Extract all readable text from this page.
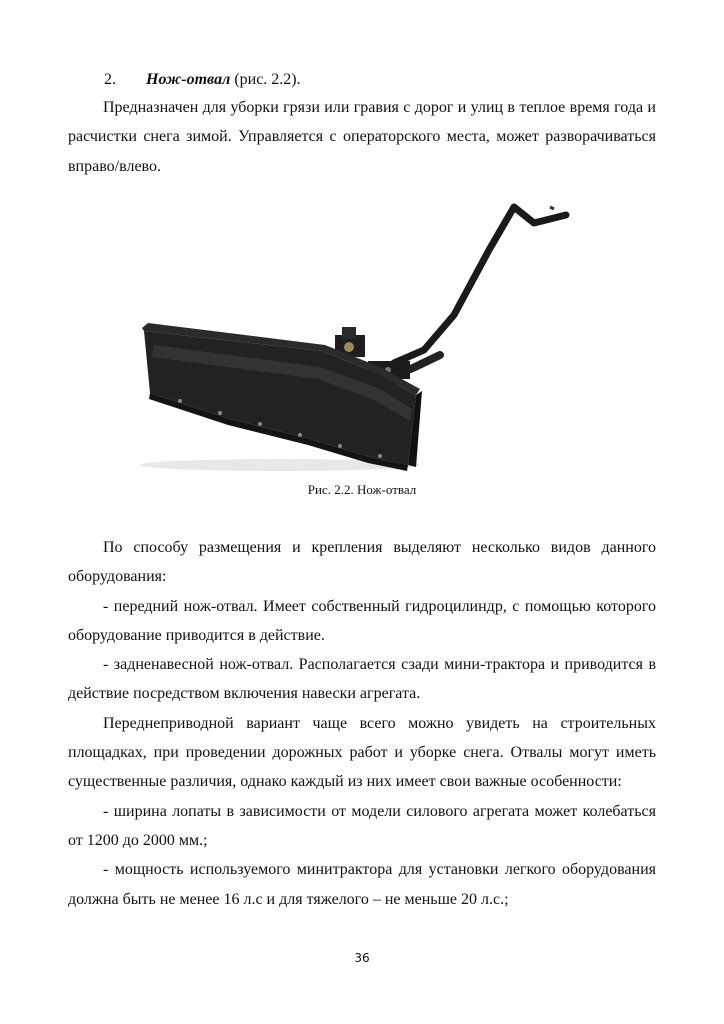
2. Нож-отвал (рис. 2.2).

Предназначен для уборки грязи или гравия с дорог и улиц в теплое время года и расчистки снега зимой. Управляется с операторского места, может разворачиваться вправо/влево.

Рис. 2.2. Нож-отвал

По способу размещения и крепления выделяют несколько видов данного оборудования:

- передний нож-отвал. Имеет собственный гидроцилиндр, с помощью которого оборудование приводится в действие.

- задненавесной нож-отвал. Располагается сзади мини-трактора и приводится в действие посредством включения навески агрегата.

Переднеприводной вариант чаще всего можно увидеть на строительных площадках, при проведении дорожных работ и уборке снега. Отвалы могут иметь существенные различия, однако каждый из них имеет свои важные особенности:

- ширина лопаты в зависимости от модели силового агрегата может колебаться от 1200 до 2000 мм.;

- мощность используемого минитрактора для установки легкого оборудования должна быть не менее 16 л.с и для тяжелого – не меньше 20 л.с.;

36
